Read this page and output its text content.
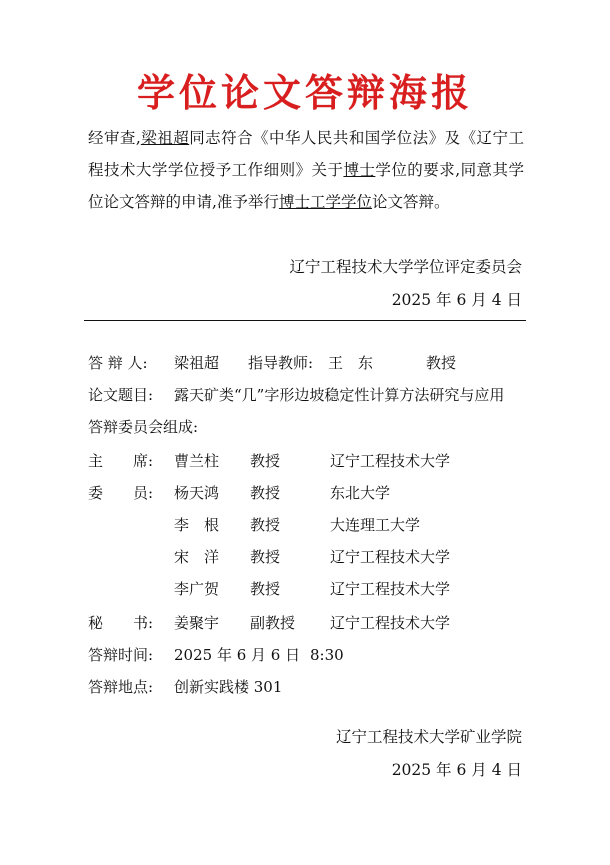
学位论文答辩海报
经审查,梁祖超同志符合《中华人民共和国学位法》及《辽宁工程技术大学学位授予工作细则》关于博士学位的要求,同意其学位论文答辩的申请,准予举行博士工学学位论文答辩。
辽宁工程技术大学学位评定委员会
2025 年 6 月 4 日
答 辩 人: 梁祖超 指导教师: 王　东	教授
论文题目: 露天矿类“几”字形边坡稳定性计算方法研究与应用
答辩委员会组成:
主　　席: 曹兰柱 教授	辽宁工程技术大学
委　　员: 杨天鸿 教授	东北大学
李　根 教授	大连理工大学
宋　洋 教授	辽宁工程技术大学
李广贺 教授	辽宁工程技术大学
秘　　书: 姜聚宇 副教授 辽宁工程技术大学
答辩时间: 2025 年 6 月 6 日 8:30
答辩地点: 创新实践楼 301
辽宁工程技术大学矿业学院
2025 年 6 月 4 日
